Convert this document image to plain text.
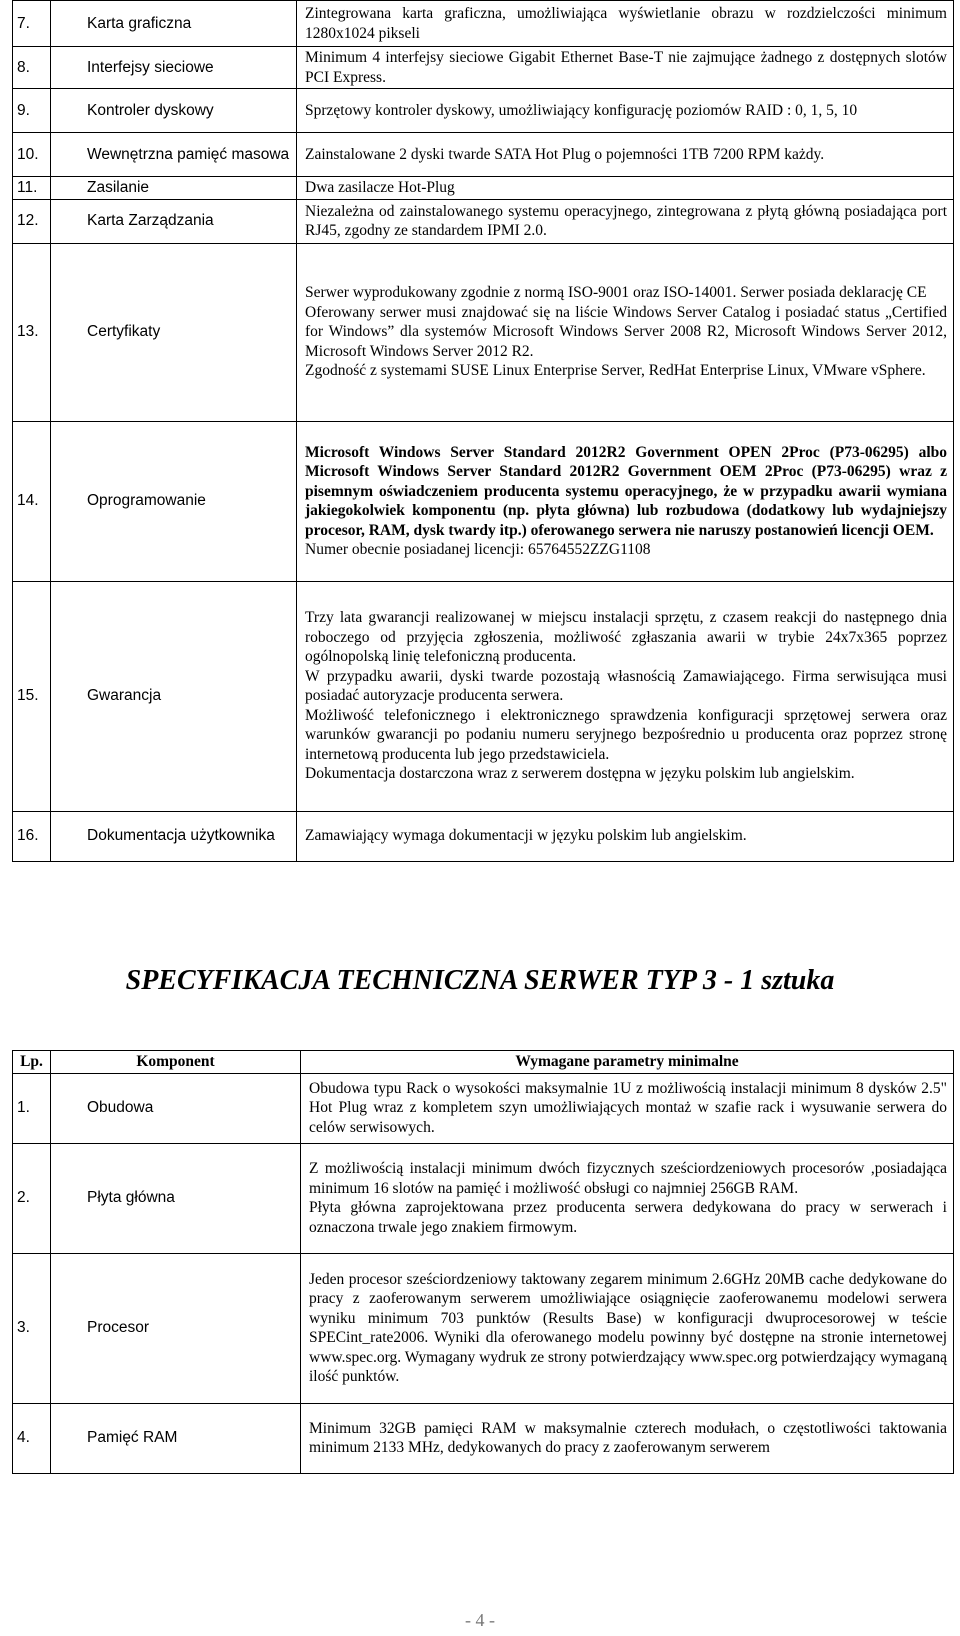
7.	Karta graficzna	Zintegrowana karta graficzna, umożliwiająca wyświetlanie obrazu w rozdzielczości minimum 1280x1024 pikseli

8.	Interfejsy sieciowe	Minimum 4 interfejsy sieciowe Gigabit Ethernet Base-T nie zajmujące żadnego z dostępnych slotów PCI Express.

9.	Kontroler dyskowy	Sprzętowy kontroler dyskowy, umożliwiający konfigurację poziomów RAID : 0, 1, 5, 10

10.	Wewnętrzna pamięć masowa	Zainstalowane 2 dyski twarde SATA Hot Plug o pojemności 1TB 7200 RPM każdy.

11.	Zasilanie	Dwa zasilacze Hot-Plug

12.	Karta Zarządzania	Niezależna od zainstalowanego systemu operacyjnego, zintegrowana z płytą główną posiadająca port RJ45, zgodny ze standardem IPMI 2.0.

13.	Certyfikaty	Serwer wyprodukowany zgodnie z normą ISO-9001 oraz ISO-14001. Serwer posiada deklarację CE

Oferowany serwer musi znajdować się na liście Windows Server Catalog i posiadać status „Certified for Windows” dla systemów Microsoft Windows Server 2008 R2, Microsoft Windows Server 2012, Microsoft Windows Server 2012 R2.

Zgodność z systemami SUSE Linux Enterprise Server, RedHat Enterprise Linux, VMware vSphere.

14.	Oprogramowanie	Microsoft Windows Server Standard 2012R2 Government OPEN 2Proc (P73-06295) albo Microsoft Windows Server Standard 2012R2 Government OEM 2Proc (P73-06295) wraz z pisemnym oświadczeniem producenta systemu operacyjnego, że w przypadku awarii wymiana jakiegokolwiek komponentu (np. płyta główna) lub rozbudowa (dodatkowy lub wydajniejszy procesor, RAM, dysk twardy itp.) oferowanego serwera nie naruszy postanowień licencji OEM.

Numer obecnie posiadanej licencji: 65764552ZZG1108

15.	Gwarancja	Trzy lata gwarancji realizowanej w miejscu instalacji sprzętu, z czasem reakcji do następnego dnia roboczego od przyjęcia zgłoszenia, możliwość zgłaszania awarii w trybie 24x7x365 poprzez ogólnopolską linię telefoniczną producenta.

W przypadku awarii, dyski twarde pozostają własnością Zamawiającego. Firma serwisująca musi posiadać autoryzacje producenta serwera.

Możliwość telefonicznego i elektronicznego sprawdzenia konfiguracji sprzętowej serwera oraz warunków gwarancji po podaniu numeru seryjnego bezpośrednio u producenta oraz poprzez stronę internetową producenta lub jego przedstawiciela.

Dokumentacja dostarczona wraz z serwerem dostępna w języku polskim lub angielskim.

16.	Dokumentacja użytkownika	Zamawiający wymaga dokumentacji w języku polskim lub angielskim.

SPECYFIKACJA TECHNICZNA SERWER TYP 3 - 1 sztuka
Lp.	Komponent	Wymagane parametry minimalne
1.	Obudowa	Obudowa typu Rack o wysokości maksymalnie 1U z możliwością instalacji minimum 8 dysków 2.5" Hot Plug wraz z kompletem szyn umożliwiających montaż w szafie rack i wysuwanie serwera do celów serwisowych.

2.	Płyta główna	Z możliwością instalacji minimum dwóch fizycznych sześciordzeniowych procesorów ,posiadająca minimum 16 slotów na pamięć i możliwość obsługi co najmniej 256GB RAM.

Płyta główna zaprojektowana przez producenta serwera dedykowana do pracy w serwerach i oznaczona trwale jego znakiem firmowym.

3.	Procesor	Jeden procesor sześciordzeniowy taktowany zegarem minimum 2.6GHz 20MB cache dedykowane do pracy z zaoferowanym serwerem umożliwiające osiągnięcie zaoferowanemu modelowi serwera wyniku minimum 703 punktów (Results Base) w konfiguracji dwuprocesorowej w teście SPECint_rate2006. Wyniki dla oferowanego modelu powinny być dostępne na stronie internetowej www.spec.org. Wymagany wydruk ze strony potwierdzający www.spec.org potwierdzający wymaganą ilość punktów.

4.	Pamięć RAM	Minimum 32GB pamięci RAM w maksymalnie czterech modułach, o częstotliwości taktowania minimum 2133 MHz, dedykowanych do pracy z zaoferowanym serwerem

- 4 -
